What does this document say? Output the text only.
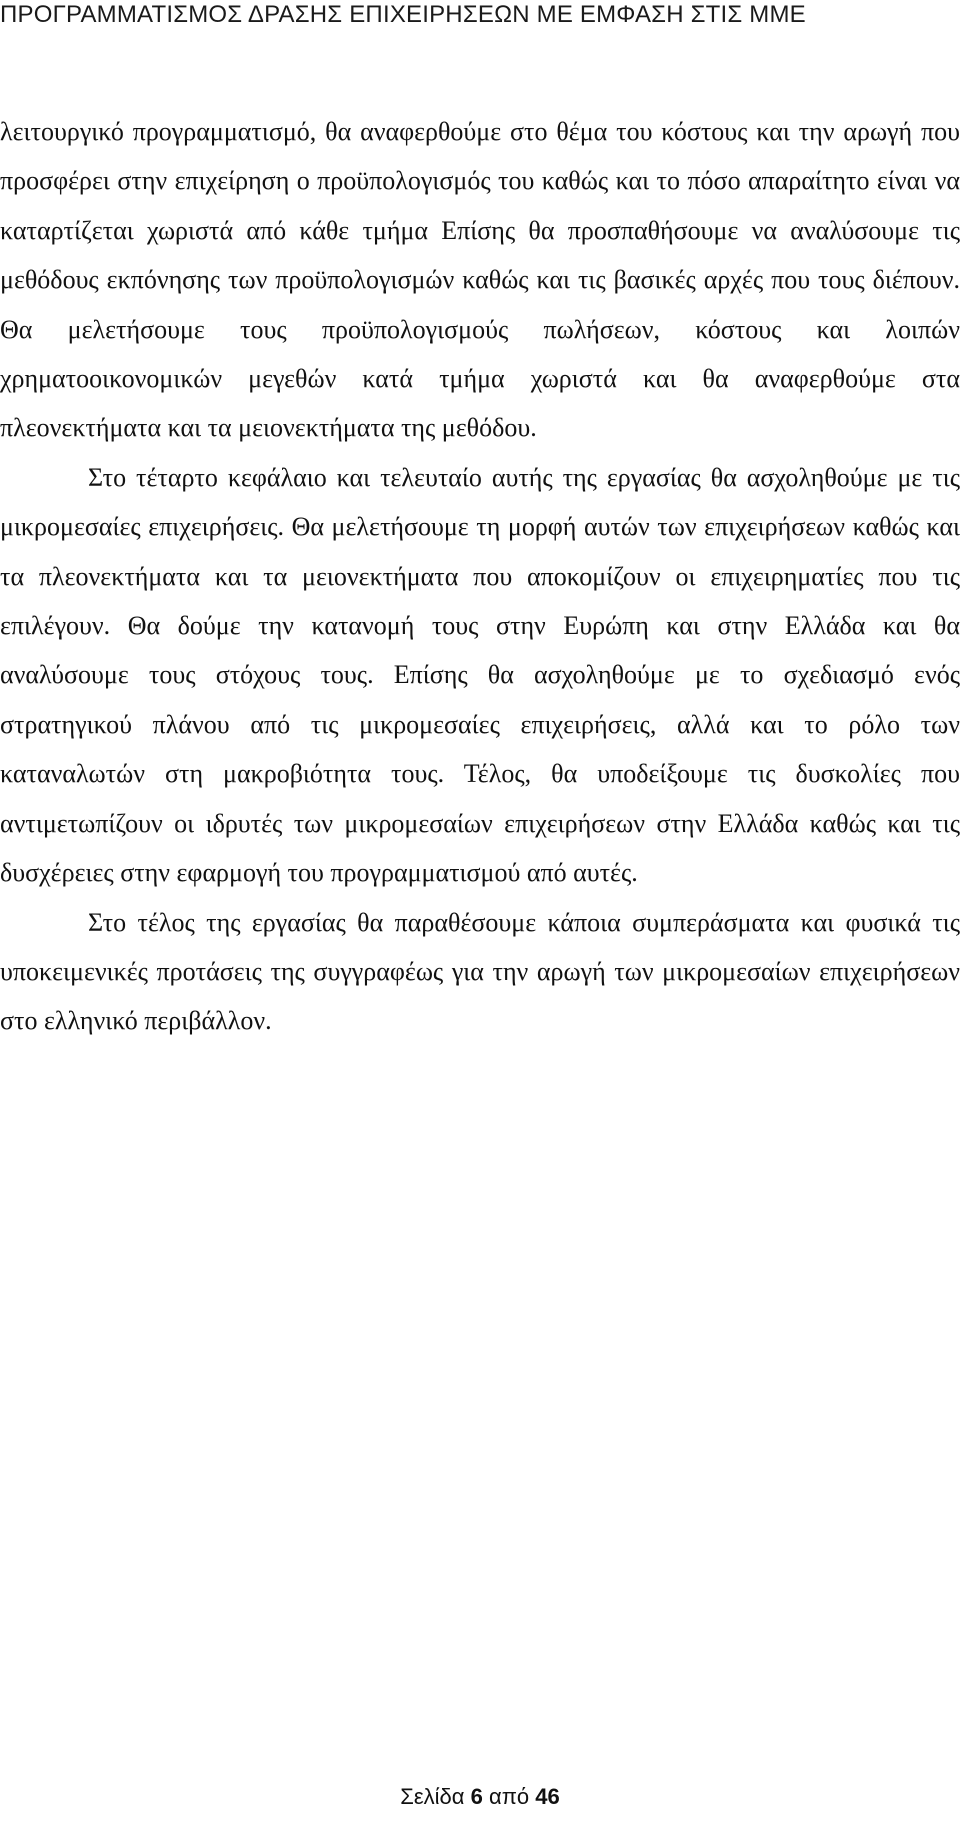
ΠΡΟΓΡΑΜΜΑΤΙΣΜΟΣ ΔΡΑΣΗΣ ΕΠΙΧΕΙΡΗΣΕΩΝ ΜΕ ΕΜΦΑΣΗ ΣΤΙΣ ΜΜΕ

λειτουργικό προγραμματισμό, θα αναφερθούμε στο θέμα του κόστους και την αρωγή που προσφέρει στην επιχείρηση ο προϋπολογισμός του καθώς και το πόσο απαραίτητο είναι να καταρτίζεται χωριστά από κάθε τμήμα Επίσης θα προσπαθήσουμε να αναλύσουμε τις μεθόδους εκπόνησης των προϋπολογισμών καθώς και τις βασικές αρχές που τους διέπουν. Θα μελετήσουμε τους προϋπολογισμούς πωλήσεων, κόστους και λοιπών χρηματοοικονομικών μεγεθών κατά τμήμα χωριστά και θα αναφερθούμε στα πλεονεκτήματα και τα μειονεκτήματα της μεθόδου.

Στο τέταρτο κεφάλαιο και τελευταίο αυτής της εργασίας θα ασχοληθούμε με τις μικρομεσαίες επιχειρήσεις. Θα μελετήσουμε τη μορφή αυτών των επιχειρήσεων καθώς και τα πλεονεκτήματα και τα μειονεκτήματα που αποκομίζουν οι επιχειρηματίες που τις επιλέγουν. Θα δούμε την κατανομή τους στην Ευρώπη και στην Ελλάδα και θα αναλύσουμε τους στόχους τους. Επίσης θα ασχοληθούμε με το σχεδιασμό ενός στρατηγικού πλάνου από τις μικρομεσαίες επιχειρήσεις, αλλά και το ρόλο των καταναλωτών στη μακροβιότητα τους. Τέλος, θα υποδείξουμε τις δυσκολίες που αντιμετωπίζουν οι ιδρυτές των μικρομεσαίων επιχειρήσεων στην Ελλάδα καθώς και τις δυσχέρειες στην εφαρμογή του προγραμματισμού από αυτές.

Στο τέλος της εργασίας θα παραθέσουμε κάποια συμπεράσματα και φυσικά τις υποκειμενικές προτάσεις της συγγραφέως για την αρωγή των μικρομεσαίων επιχειρήσεων στο ελληνικό περιβάλλον.

Σελίδα 6 από 46
